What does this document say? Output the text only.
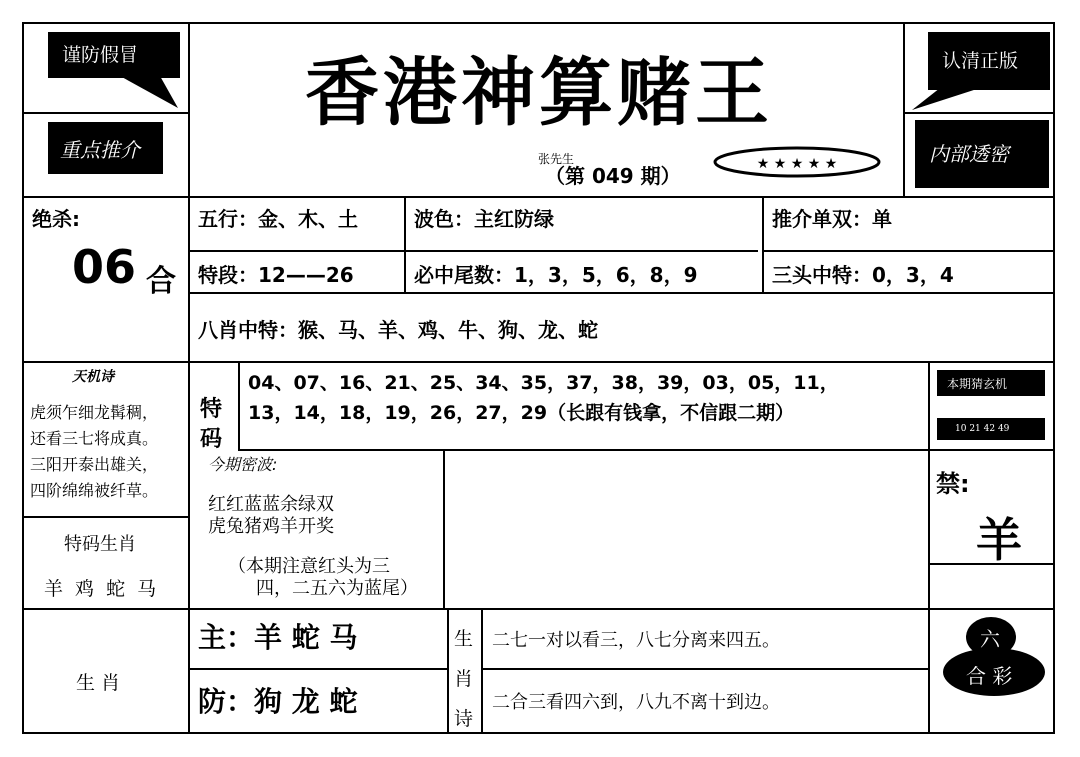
谨防假冒
重点推介
认清正版
内部透密
香港神算赌王
张先生
（第 049 期）	★ ★ ★ ★ ★
绝杀:
06 合
五行：金、木、土	波色：主红防绿	推介单双：单
特段：12——26	必中尾数：1，3，5，6，8，9	三头中特：0，3，4
八肖中特：猴、马、羊、鸡、牛、狗、龙、蛇
天机诗
虎须乍细龙髯稠，
还看三七将成真。
三阳开泰出雄关，
四阶绵绵被纤草。
特
码
04、07、16、21、25、34、35，37，38，39，03，05，11，
13，14，18，19，26，27，29（长跟有钱拿，不信跟二期）
本期猜玄机
10 21 42 49
今期密波:
红红蓝蓝余绿双
虎兔猪鸡羊开奖
（本期注意红头为三
四，二五六为蓝尾）
特码生肖
羊 鸡 蛇 马
禁:
羊
生 肖
主：羊 蛇 马
防：狗 龙 蛇
生
肖
诗
二七一对以看三，八七分离来四五。
二合三看四六到，八九不离十到边。
六
合 彩
